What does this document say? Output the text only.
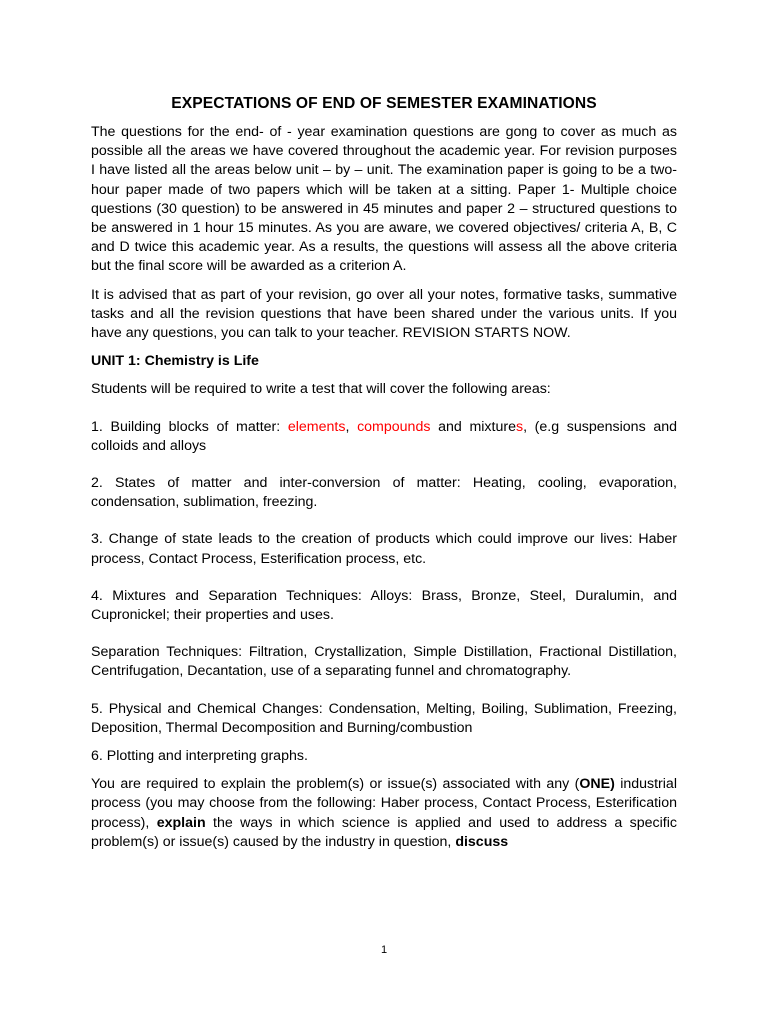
EXPECTATIONS OF END OF SEMESTER EXAMINATIONS

The questions for the end- of - year examination questions are gong to cover as much as possible all the areas we have covered throughout the academic year. For revision purposes I have listed all the areas below unit – by – unit. The examination paper is going to be a two-hour paper made of two papers which will be taken at a sitting. Paper 1- Multiple choice questions (30 question) to be answered in 45 minutes and paper 2 – structured questions to be answered in 1 hour 15 minutes. As you are aware, we covered objectives/ criteria A, B, C and D twice this academic year. As a results, the questions will assess all the above criteria but the final score will be awarded as a criterion A.

It is advised that as part of your revision, go over all your notes, formative tasks, summative tasks and all the revision questions that have been shared under the various units. If you have any questions, you can talk to your teacher. REVISION STARTS NOW.

UNIT 1: Chemistry is Life

Students will be required to write a test that will cover the following areas:

1. Building blocks of matter: elements, compounds and mixtures, (e.g suspensions and colloids and alloys

2. States of matter and inter-conversion of matter: Heating, cooling, evaporation, condensation, sublimation, freezing.

3. Change of state leads to the creation of products which could improve our lives: Haber process, Contact Process, Esterification process, etc.

4. Mixtures and Separation Techniques: Alloys: Brass, Bronze, Steel, Duralumin, and Cupronickel; their properties and uses.

Separation Techniques: Filtration, Crystallization, Simple Distillation, Fractional Distillation, Centrifugation, Decantation, use of a separating funnel and chromatography.

5. Physical and Chemical Changes: Condensation, Melting, Boiling, Sublimation, Freezing, Deposition, Thermal Decomposition and Burning/combustion

6. Plotting and interpreting graphs.

You are required to explain the problem(s) or issue(s) associated with any (ONE) industrial process (you may choose from the following: Haber process, Contact Process, Esterification process), explain the ways in which science is applied and used to address a specific problem(s) or issue(s) caused by the industry in question, discuss

1
